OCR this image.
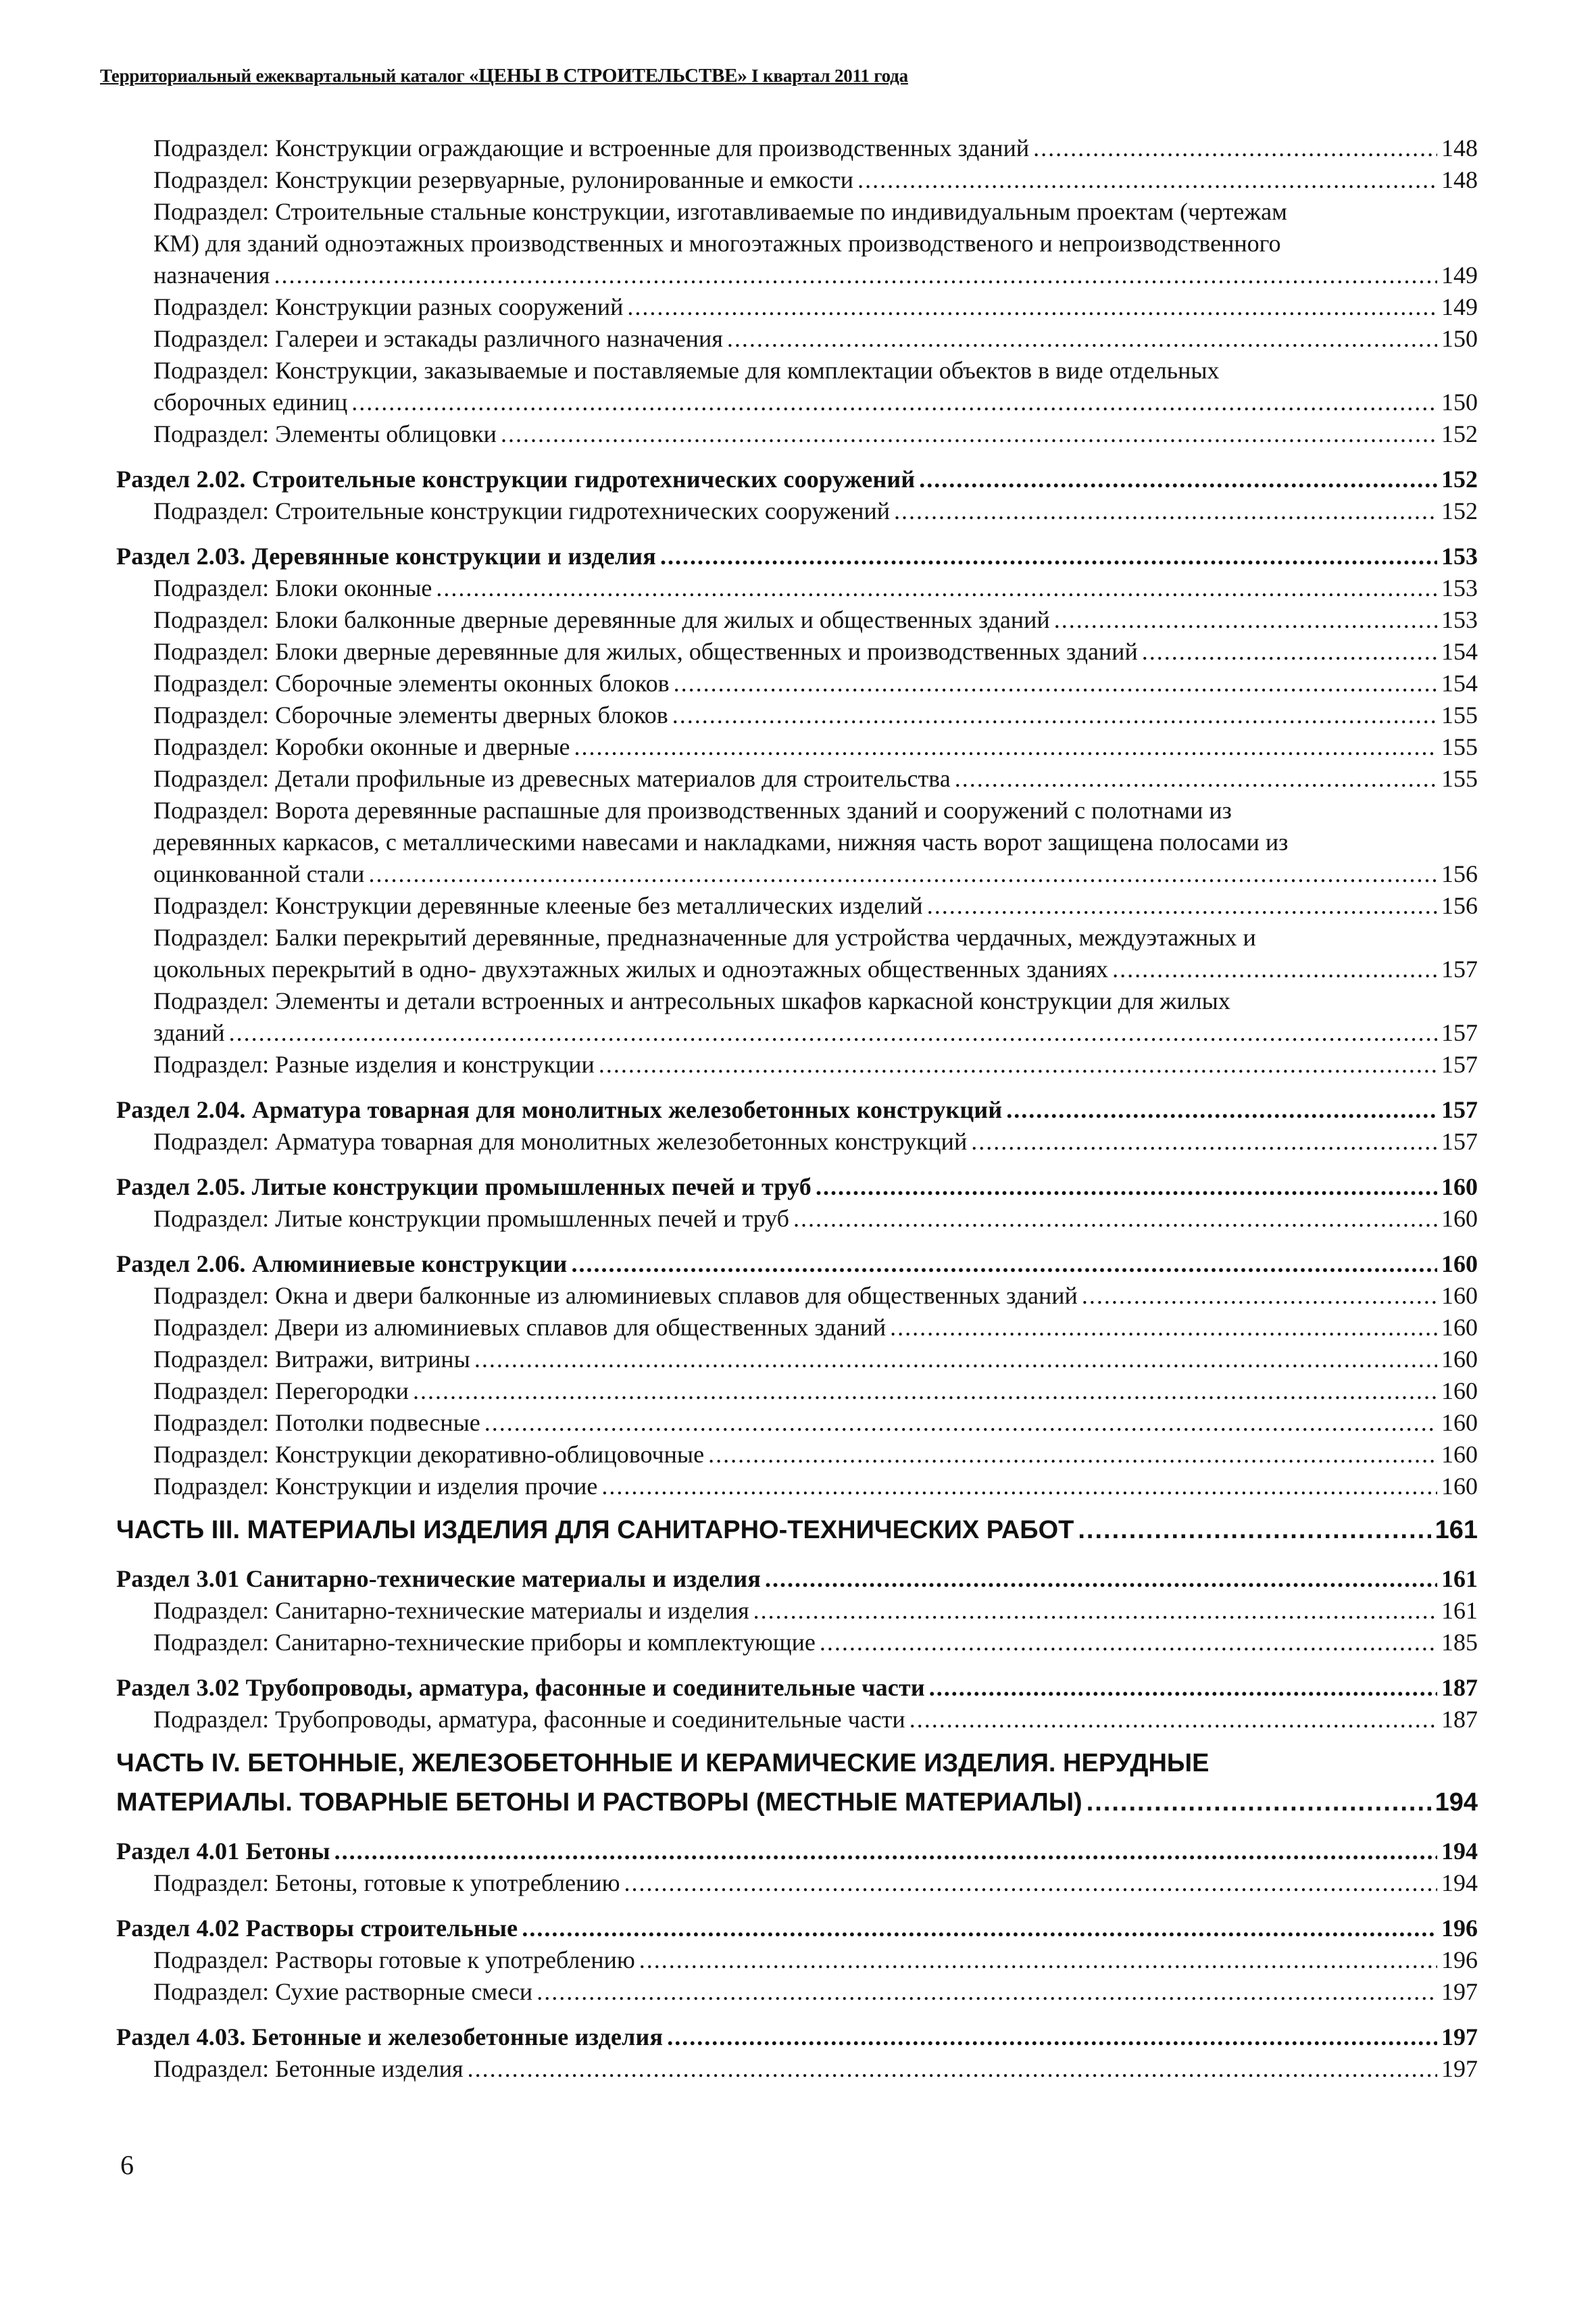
Территориальный ежеквартальный каталог «ЦЕНЫ В СТРОИТЕЛЬСТВЕ» I квартал 2011 года
Подраздел: Конструкции ограждающие и встроенные для производственных зданий .....	148
Подраздел: Конструкции резервуарные, рулонированные и емкости .....	148
Подраздел: Строительные стальные конструкции, изготавливаемые по индивидуальным проектам (чертежам
КМ) для зданий одноэтажных производственных и многоэтажных производственого и непроизводственного
назначения .....	149
Подраздел: Конструкции разных сооружений .....	149
Подраздел: Галереи и эстакады различного назначения .....	150
Подраздел: Конструкции, заказываемые и поставляемые для комплектации объектов в виде отдельных
сборочных единиц .....	150
Подраздел: Элементы облицовки .....	152
Раздел 2.02. Строительные конструкции гидротехнических сооружений .....	152
Подраздел: Строительные конструкции гидротехнических сооружений .....	152
Раздел 2.03. Деревянные конструкции и изделия .....	153
Подраздел: Блоки оконные .....	153
Подраздел: Блоки балконные дверные деревянные для жилых и общественных зданий .....	153
Подраздел: Блоки дверные деревянные для жилых, общественных и производственных зданий .....	154
Подраздел: Сборочные элементы оконных блоков .....	154
Подраздел: Сборочные элементы дверных блоков .....	155
Подраздел: Коробки оконные и дверные .....	155
Подраздел: Детали профильные из древесных материалов для строительства .....	155
Подраздел: Ворота деревянные распашные для производственных зданий и сооружений с полотнами из
деревянных каркасов, с металлическими навесами и накладками, нижняя часть ворот защищена полосами из
оцинкованной стали .....	156
Подраздел: Конструкции деревянные клееные без металлических изделий .....	156
Подраздел: Балки перекрытий деревянные, предназначенные для устройства чердачных, междуэтажных и
цокольных перекрытий в одно- двухэтажных жилых и одноэтажных общественных зданиях .....	157
Подраздел: Элементы и детали встроенных и антресольных шкафов каркасной конструкции для жилых
зданий .....	157
Подраздел: Разные изделия и конструкции .....	157
Раздел 2.04. Арматура товарная для монолитных железобетонных конструкций .....	157
Подраздел: Арматура товарная для монолитных железобетонных конструкций .....	157
Раздел 2.05. Литые конструкции промышленных печей и труб .....	160
Подраздел: Литые конструкции промышленных печей и труб .....	160
Раздел 2.06. Алюминиевые конструкции .....	160
Подраздел: Окна и двери балконные из алюминиевых сплавов для общественных зданий .....	160
Подраздел: Двери из алюминиевых сплавов для общественных зданий .....	160
Подраздел: Витражи, витрины .....	160
Подраздел: Перегородки .....	160
Подраздел: Потолки подвесные .....	160
Подраздел: Конструкции декоративно-облицовочные .....	160
Подраздел: Конструкции и изделия прочие .....	160
ЧАСТЬ III. МАТЕРИАЛЫ ИЗДЕЛИЯ ДЛЯ САНИТАРНО-ТЕХНИЧЕСКИХ РАБОТ .....	161
Раздел 3.01 Санитарно-технические материалы и изделия .....	161
Подраздел: Санитарно-технические материалы и изделия .....	161
Подраздел: Санитарно-технические приборы и комплектующие .....	185
Раздел 3.02 Трубопроводы, арматура, фасонные и соединительные части .....	187
Подраздел: Трубопроводы, арматура, фасонные и соединительные части .....	187
ЧАСТЬ IV. БЕТОННЫЕ, ЖЕЛЕЗОБЕТОННЫЕ И КЕРАМИЧЕСКИЕ ИЗДЕЛИЯ. НЕРУДНЫЕ
МАТЕРИАЛЫ. ТОВАРНЫЕ БЕТОНЫ И РАСТВОРЫ (МЕСТНЫЕ МАТЕРИАЛЫ) .....	194
Раздел 4.01 Бетоны .....	194
Подраздел: Бетоны, готовые к употреблению .....	194
Раздел 4.02 Растворы строительные .....	196
Подраздел: Растворы готовые к употреблению .....	196
Подраздел: Сухие растворные смеси .....	197
Раздел 4.03. Бетонные и железобетонные изделия .....	197
Подраздел: Бетонные изделия .....	197
6
